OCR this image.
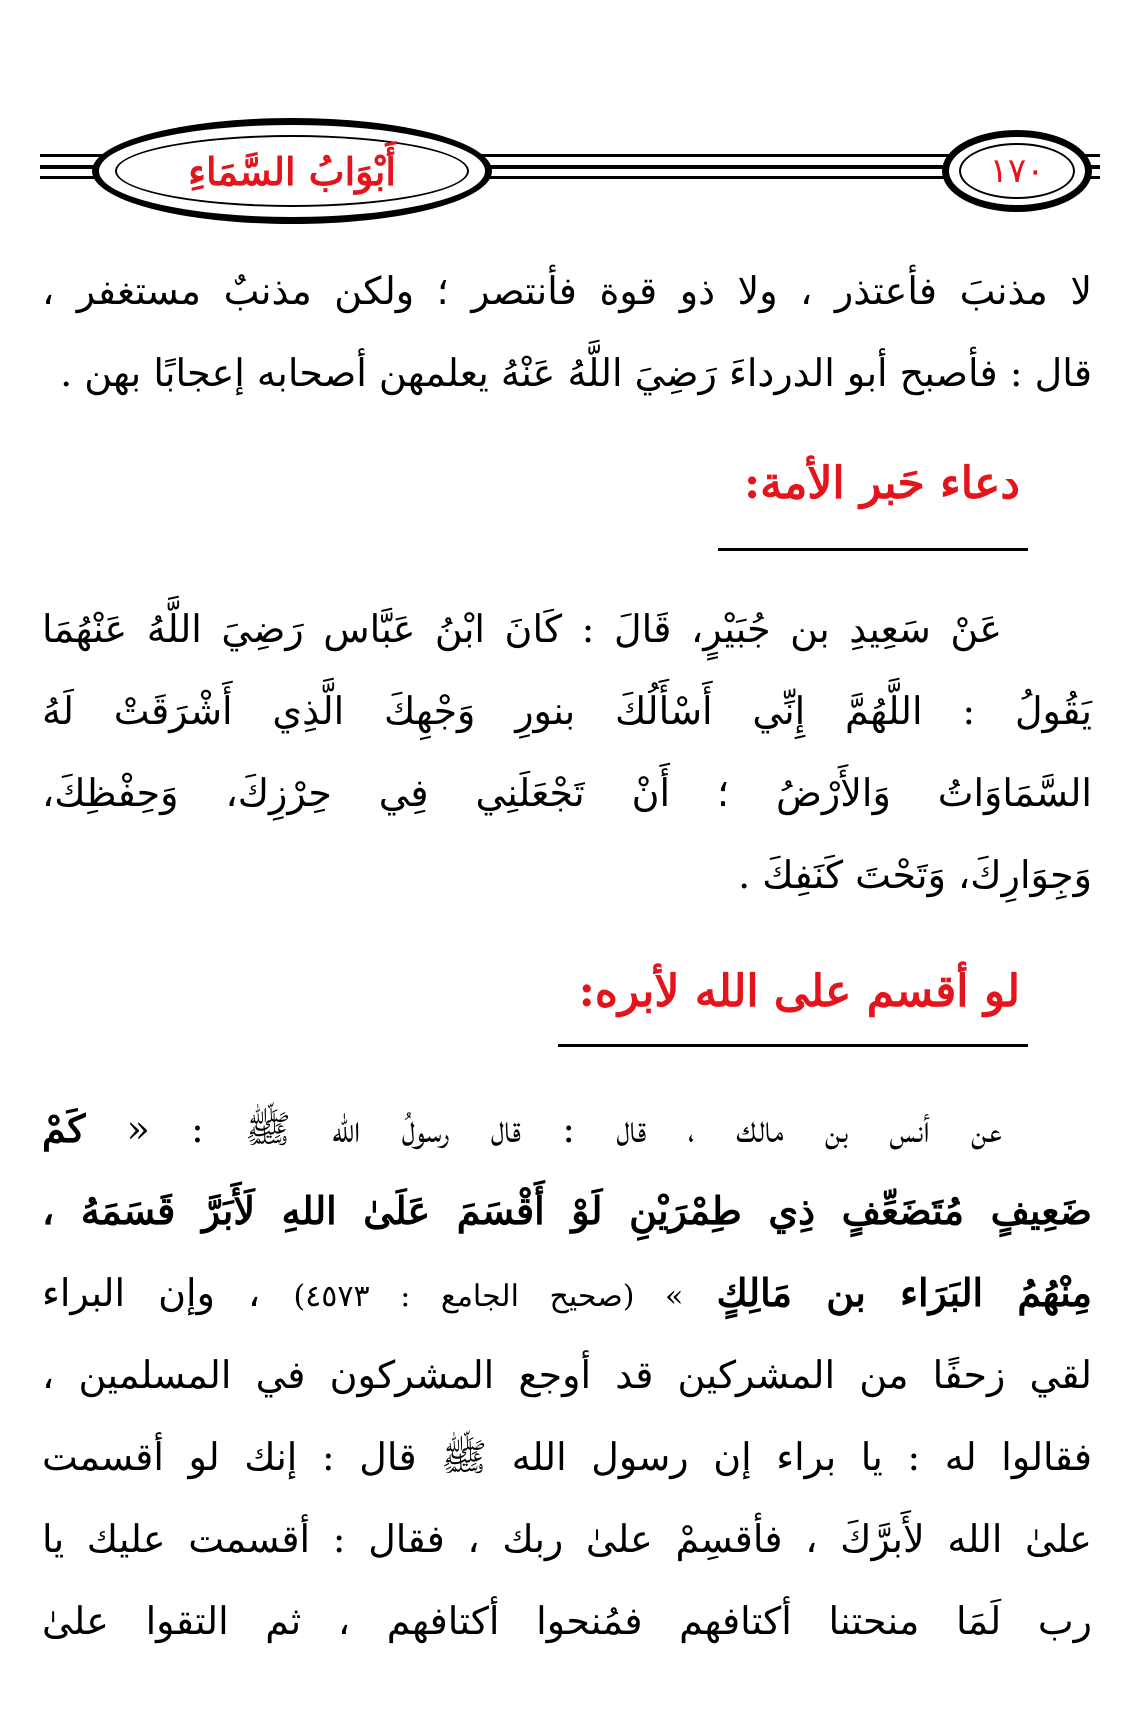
أَبْوَابُ السَّمَاءِ	١٧٠
لا مذنبَ فأعتذر ، ولا ذو قوة فأنتصر ؛ ولكن مذنبٌ مستغفر ،
قال : فأصبح أبو الدرداءَ رَضِيَ اللَّهُ عَنْهُ يعلمهن أصحابه إعجابًا بهن .
دعاء حَبر الأمة:
عَنْ سَعِيدِ بن جُبَيْرٍ، قَالَ : كَانَ ابْنُ عَبَّاس رَضِيَ اللَّهُ عَنْهُمَا
يَقُولُ : اللَّهُمَّ إِنِّي أَسْأَلُكَ بنورِ وَجْهِكَ الَّذِي أَشْرَقَتْ لَهُ
السَّمَاوَاتُ وَالأَرْضُ ؛ أَنْ تَجْعَلَنِي فِي حِرْزِكَ، وَحِفْظِكَ،
وَجِوَارِكَ، وَتَحْتَ كَنَفِكَ .
لو أقسم على الله لأبره:
عن أنس بن مالك ، قال : قال رسولُ الله ﷺ : « كَمْ
ضَعِيفٍ مُتَضَعِّفٍ ذِي طِمْرَيْنِ لَوْ أَقْسَمَ عَلَىٰ اللهِ لَأَبَرَّ قَسَمَهُ ،
مِنْهُمُ البَرَاء بن مَالِكٍ » (صحيح الجامع : ٤٥٧٣) ، وإن البراء
لقي زحفًا من المشركين قد أوجع المشركون في المسلمين ،
فقالوا له : يا براء إن رسول الله ﷺ قال : إنك لو أقسمت
علىٰ الله لأَبرَّكَ ، فأقسِمْ علىٰ ربك ، فقال : أقسمت عليك يا
رب لَمَا منحتنا أكتافهم فمُنحوا أكتافهم ، ثم التقوا علىٰ
